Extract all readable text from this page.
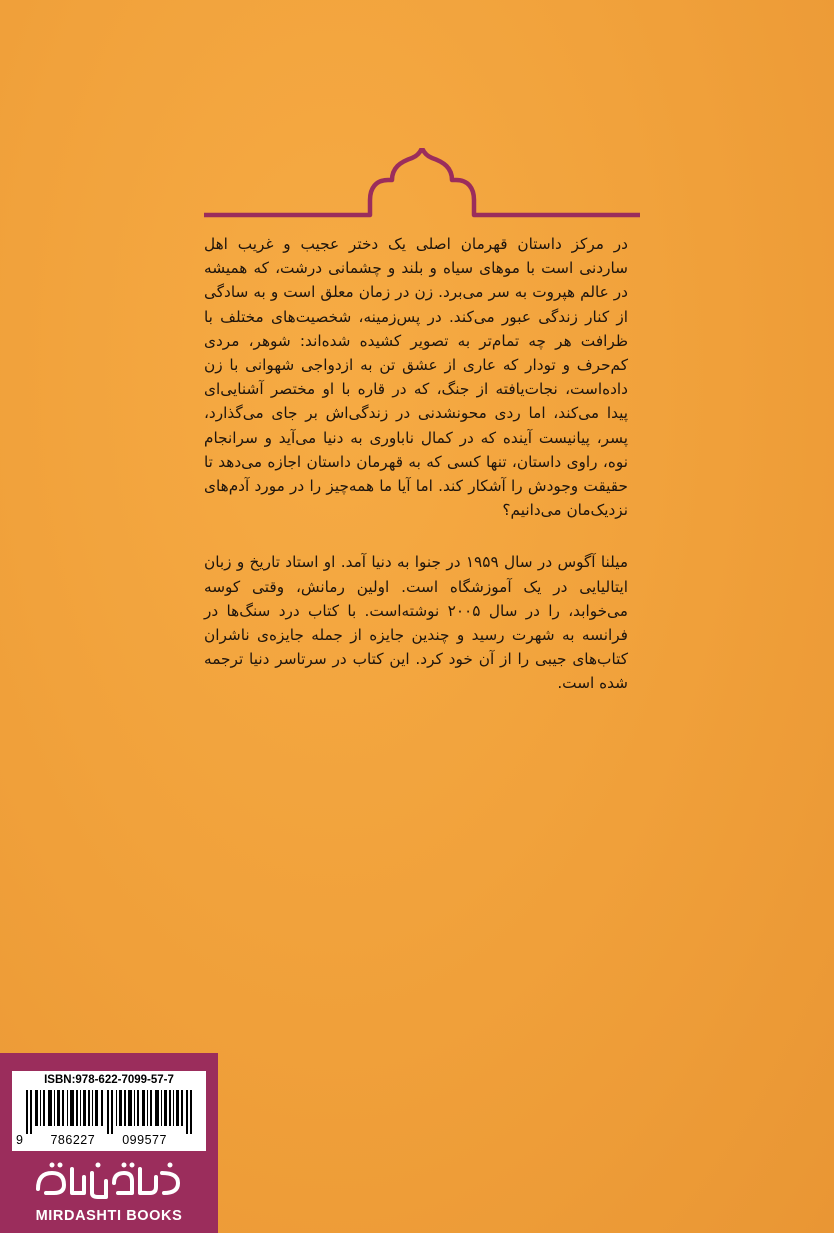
در مرکز داستان قهرمان اصلی یک دختر عجیب و غریب اهل ساردنی است با موهای سیاه و بلند و چشمانی درشت، که همیشه در عالم هپروت به سر می‌برد. زن در زمان معلق است و به سادگی از کنار زندگی عبور می‌کند. در پس‌زمینه، شخصیت‌های مختلف با ظرافت هر چه تمام‌تر به تصویر کشیده شده‌اند: شوهر، مردی کم‌حرف و تودار که عاری از عشق تن به ازدواجی شهوانی با زن داده‌است، نجات‌یافته از جنگ، که در قاره با او مختصر آشنایی‌ای پیدا می‌کند، اما ردی محونشدنی در زندگی‌اش بر جای می‌گذارد، پسر، پیانیست آینده که در کمال ناباوری به دنیا می‌آید و سرانجام نوه، راوی داستان، تنها کسی که به قهرمان داستان اجازه می‌دهد تا حقیقت وجودش را آشکار کند. اما آیا ما همه‌چیز را در مورد آدم‌های نزدیک‌مان می‌دانیم؟

میلنا آگوس در سال ۱۹۵۹ در جنوا به دنیا آمد. او استاد تاریخ و زبان ایتالیایی در یک آموزشگاه است. اولین رمانش، وقتی کوسه می‌خوابد، را در سال ۲۰۰۵ نوشته‌است. با کتاب درد سنگ‌ها در فرانسه به شهرت رسید و چندین جایزه از جمله جایزه‌ی ناشران کتاب‌های جیبی را از آن خود کرد. این کتاب در سرتاسر دنیا ترجمه شده است.

ISBN:978-622-7099-57-7
9 786227 099577
MIRDASHTI BOOKS
